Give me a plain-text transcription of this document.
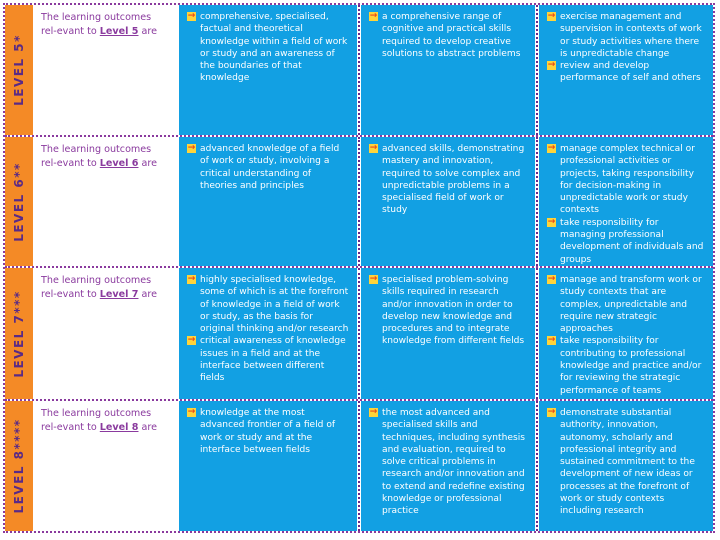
LEVEL 5*
The learning outcomes rel-evant to Level 5 are
→ comprehensive, specialised, factual and theoretical knowledge within a field of work or study and an awareness of the boundaries of that knowledge
→ a comprehensive range of cognitive and practical skills required to develop creative solutions to abstract problems
→ exercise management and supervision in contexts of work or study activities where there is unpredictable change
→ review and develop performance of self and others
LEVEL 6**
The learning outcomes rel-evant to Level 6 are
→ advanced knowledge of a field of work or study, involving a critical understanding of theories and principles
→ advanced skills, demonstrating mastery and innovation, required to solve complex and unpredictable problems in a specialised field of work or study
→ manage complex technical or professional activities or projects, taking responsibility for decision-making in unpredictable work or study contexts
→ take responsibility for managing professional development of individuals and groups
LEVEL 7***
The learning outcomes rel-evant to Level 7 are
→ highly specialised knowledge, some of which is at the forefront of knowledge in a field of work or study, as the basis for original thinking and/or research
→ critical awareness of knowledge issues in a field and at the interface between different fields
→ specialised problem-solving skills required in research and/or innovation in order to develop new knowledge and procedures and to integrate knowledge from different fields
→ manage and transform work or study contexts that are complex, unpredictable and require new strategic approaches
→ take responsibility for contributing to professional knowledge and practice and/or for reviewing the strategic performance of teams
LEVEL 8****
The learning outcomes rel-evant to Level 8 are
→ knowledge at the most advanced frontier of a field of work or study and at the interface between fields
→ the most advanced and specialised skills and techniques, including synthesis and evaluation, required to solve critical problems in research and/or innovation and to extend and redefine existing knowledge or professional practice
→ demonstrate substantial authority, innovation, autonomy, scholarly and professional integrity and sustained commitment to the development of new ideas or processes at the forefront of work or study contexts including research
